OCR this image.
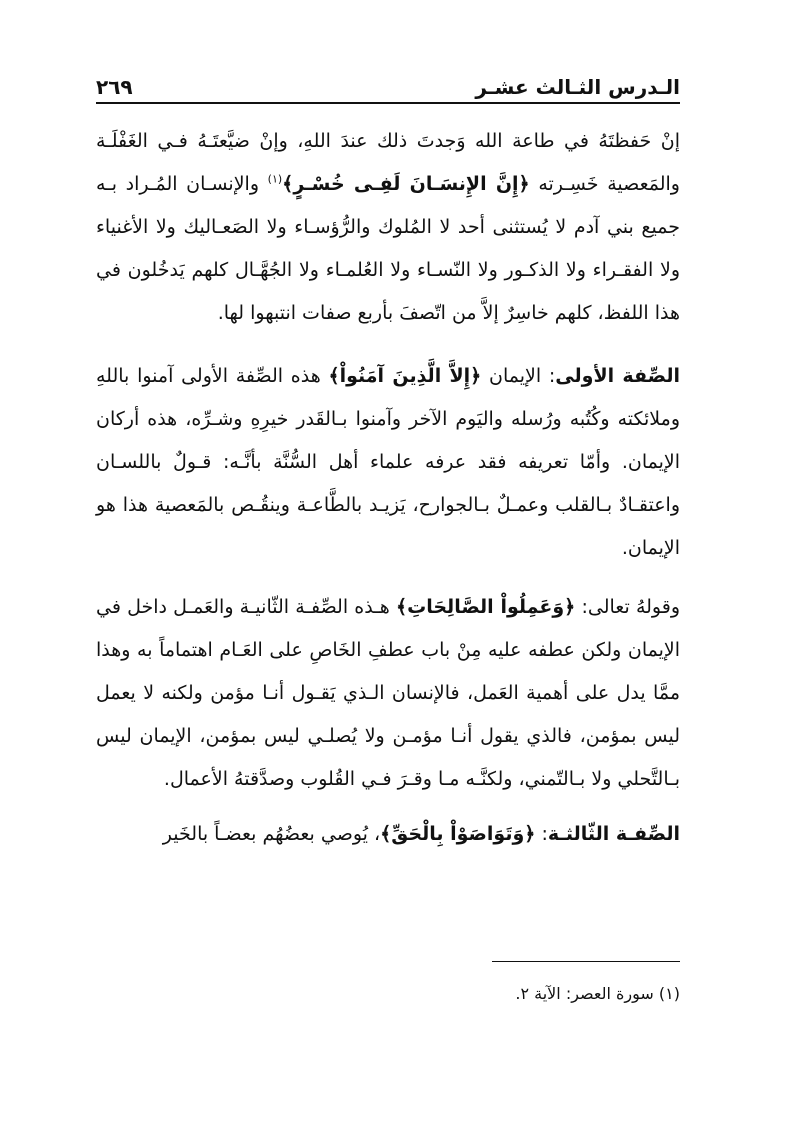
الـدرس الثـالث عشـر
٢٦٩

إنْ حَفظتَهُ في طاعة الله وَجدتَ ذلك عندَ اللهِ، وإنْ ضيَّعتَـهُ فـي الغَفْلَـة والمَعصية خَسِـرته ﴿إِنَّ الإِنسَـانَ لَفِـى خُسْـرٍ﴾$^{(١)}$ والإنسـان المُـراد بـه جميع بني آدم لا يُستثنى أحد لا المُلوك والرُّؤسـاء ولا الصَعـاليك ولا الأغنياء ولا الفقـراء ولا الذكـور ولا النّسـاء ولا العُلمـاء ولا الجُهَّـال كلهم يَدخُلون في هذا اللفظ، كلهم خاسِرٌ إلاَّ من اتّصفَ بأربع صفات انتبهوا لها.

الصِّفة الأولى: الإيمان ﴿إِلاَّ الَّذِينَ آمَنُواْ﴾ هذه الصِّفة الأولى آمنوا باللهِ وملائكته وكُتُبه ورُسله واليَوم الآخر وآمنوا بـالقَدر خيرِهِ وشـرِّه، هذه أركان الإيمان. وأمّا تعريفه فقد عرفه علماء أهل السُّنَّة بأنَّـه: قـولٌ باللسـان واعتقـادٌ بـالقلب وعمـلٌ بـالجوارح، يَزيـد بالطَّاعـة وينقُـص بالمَعصية هذا هو الإيمان.

وقولهُ تعالى: ﴿وَعَمِلُواْ الصَّالِحَاتِ﴾ هـذه الصِّفـة الثّانيـة والعَمـل داخل في الإيمان ولكن عطفه عليه مِنْ باب عطفِ الخَاصِ على العَـام اهتماماً به وهذا ممَّا يدل على أهمية العَمل، فالإنسان الـذي يَقـول أنـا مؤمن ولكنه لا يعمل ليس بمؤمن، فالذي يقول أنـا مؤمـن ولا يُصلـي ليس بمؤمن، الإيمان ليس بـالتَّحلي ولا بـالتّمني، ولكنَّـه مـا وقـرَ فـي القُلوب وصدَّقتهُ الأعمال.

الصِّفـة الثّالثـة: ﴿وَتَوَاصَوْاْ بِالْحَقِّ﴾، يُوصي بعضُهُم بعضـاً بالخَير

(١) سورة العصر: الآية ٢.
